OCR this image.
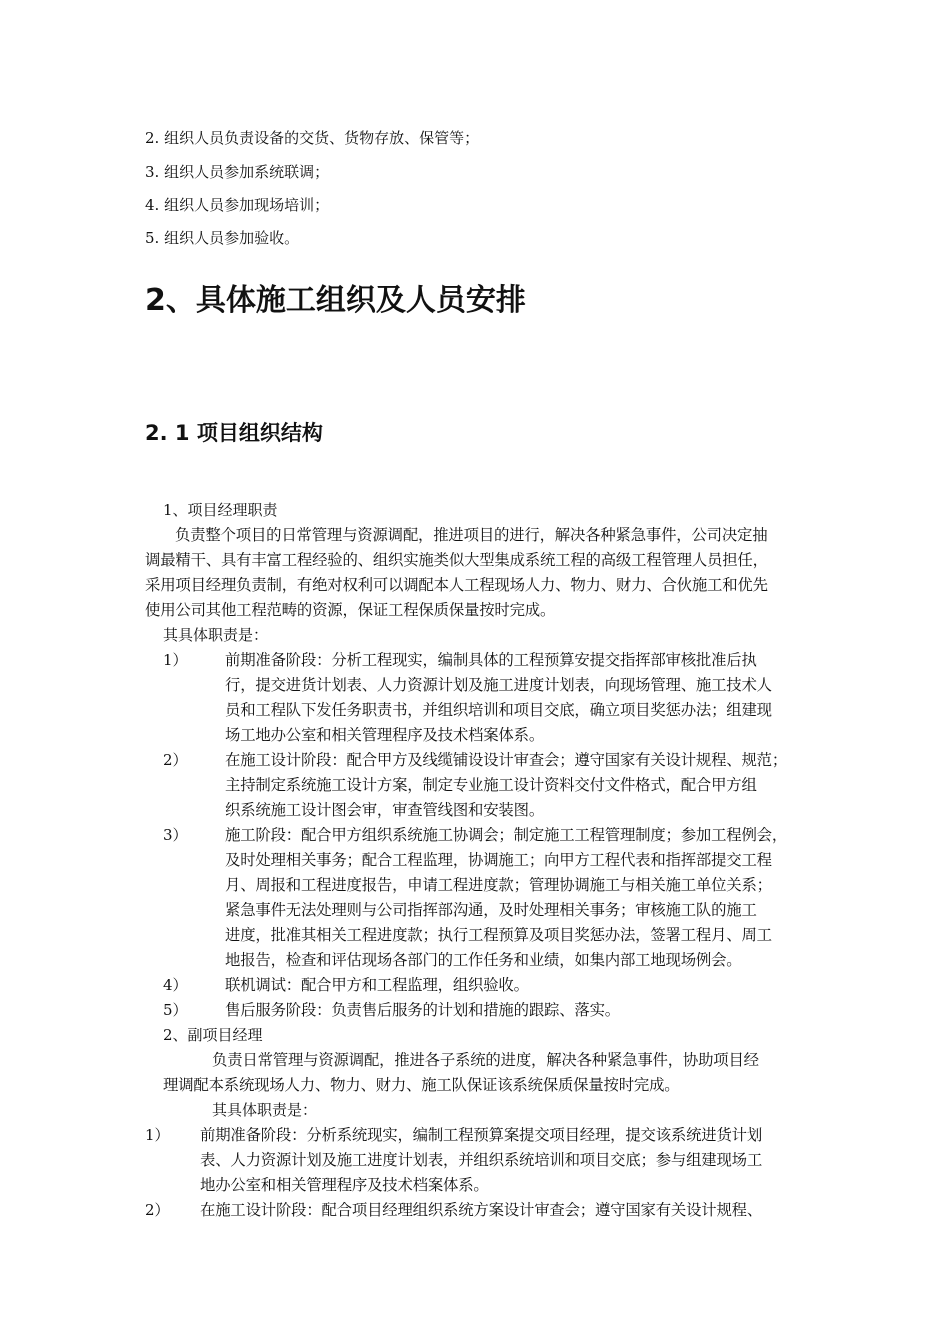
2. 组织人员负责设备的交货、货物存放、保管等；
3. 组织人员参加系统联调；
4. 组织人员参加现场培训；
5. 组织人员参加验收。
2、具体施工组织及人员安排
2. 1 项目组织结构
1、项目经理职责
负责整个项目的日常管理与资源调配，推进项目的进行，解决各种紧急事件，公司决定抽
调最精干、具有丰富工程经验的、组织实施类似大型集成系统工程的高级工程管理人员担任，
采用项目经理负责制，有绝对权利可以调配本人工程现场人力、物力、财力、合伙施工和优先
使用公司其他工程范畴的资源，保证工程保质保量按时完成。
其具体职责是：
1） 前期准备阶段：分析工程现实，编制具体的工程预算安提交指挥部审核批准后执
行，提交进货计划表、人力资源计划及施工进度计划表，向现场管理、施工技术人
员和工程队下发任务职责书，并组织培训和项目交底，确立项目奖惩办法；组建现
场工地办公室和相关管理程序及技术档案体系。
2） 在施工设计阶段：配合甲方及线缆铺设设计审查会；遵守国家有关设计规程、规范；
主持制定系统施工设计方案，制定专业施工设计资料交付文件格式，配合甲方组
织系统施工设计图会审，审查管线图和安装图。
3） 施工阶段：配合甲方组织系统施工协调会；制定施工工程管理制度；参加工程例会，
及时处理相关事务；配合工程监理，协调施工；向甲方工程代表和指挥部提交工程
月、周报和工程进度报告，申请工程进度款；管理协调施工与相关施工单位关系；
紧急事件无法处理则与公司指挥部沟通，及时处理相关事务；审核施工队的施工
进度，批准其相关工程进度款；执行工程预算及项目奖惩办法，签署工程月、周工
地报告，检查和评估现场各部门的工作任务和业绩，如集内部工地现场例会。
4） 联机调试：配合甲方和工程监理，组织验收。
5） 售后服务阶段：负责售后服务的计划和措施的跟踪、落实。
2、副项目经理
负责日常管理与资源调配，推进各子系统的进度，解决各种紧急事件，协助项目经
理调配本系统现场人力、物力、财力、施工队保证该系统保质保量按时完成。
其具体职责是：
1） 前期准备阶段：分析系统现实，编制工程预算案提交项目经理，提交该系统进货计划
表、人力资源计划及施工进度计划表，并组织系统培训和项目交底；参与组建现场工
地办公室和相关管理程序及技术档案体系。
2） 在施工设计阶段：配合项目经理组织系统方案设计审查会；遵守国家有关设计规程、
